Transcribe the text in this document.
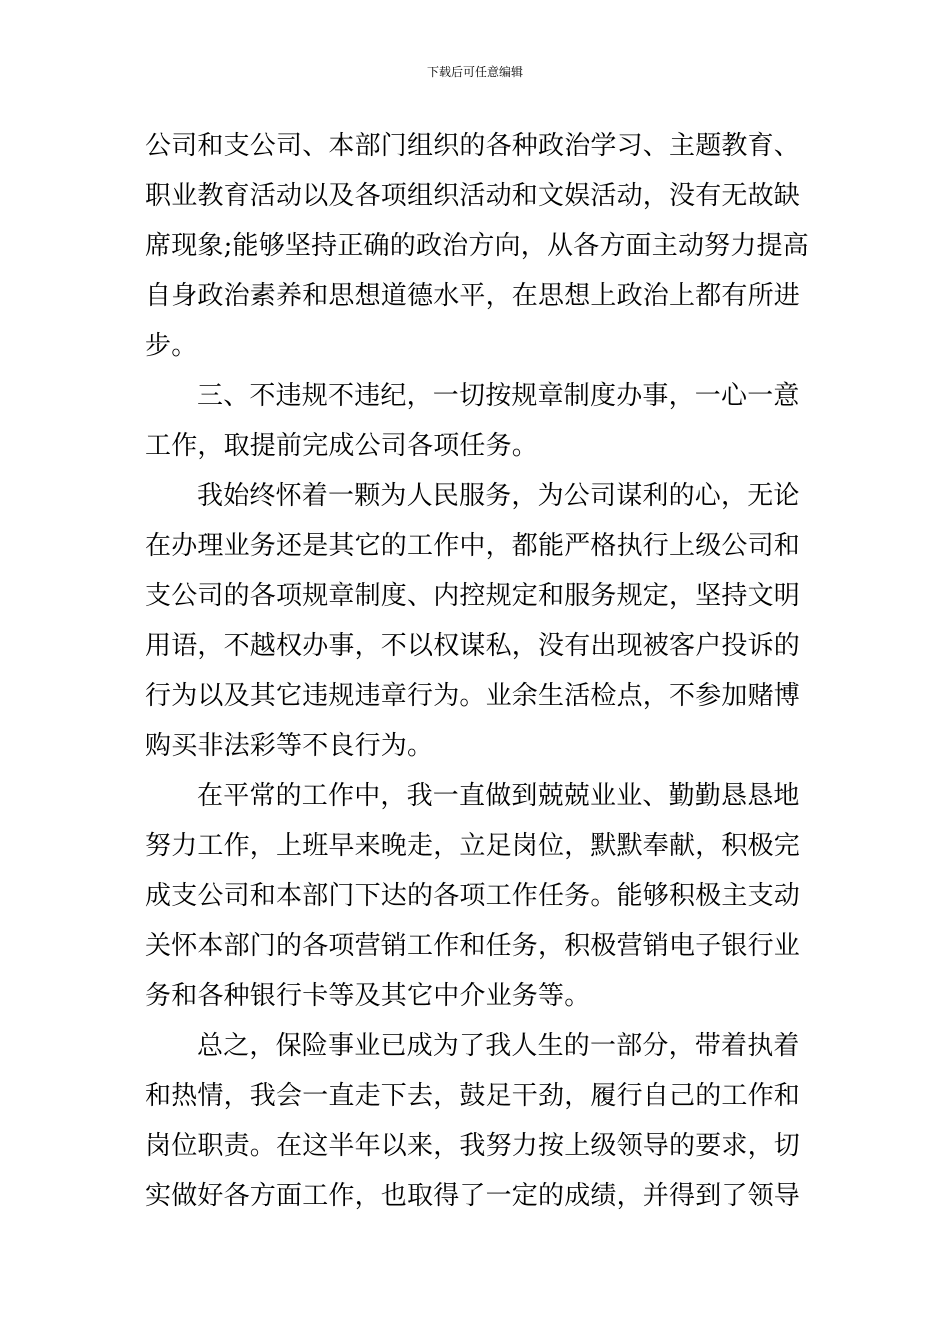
下载后可任意编辑
公司和支公司、本部门组织的各种政治学习、主题教育、
职业教育活动以及各项组织活动和文娱活动，没有无故缺
席现象;能够坚持正确的政治方向，从各方面主动努力提高
自身政治素养和思想道德水平，在思想上政治上都有所进
步。
三、不违规不违纪，一切按规章制度办事，一心一意
工作，取提前完成公司各项任务。
我始终怀着一颗为人民服务，为公司谋利的心，无论
在办理业务还是其它的工作中，都能严格执行上级公司和
支公司的各项规章制度、内控规定和服务规定，坚持文明
用语，不越权办事，不以权谋私，没有出现被客户投诉的
行为以及其它违规违章行为。业余生活检点，不参加赌博
购买非法彩等不良行为。
在平常的工作中，我一直做到兢兢业业、勤勤恳恳地
努力工作，上班早来晚走，立足岗位，默默奉献，积极完
成支公司和本部门下达的各项工作任务。能够积极主支动
关怀本部门的各项营销工作和任务，积极营销电子银行业
务和各种银行卡等及其它中介业务等。
总之，保险事业已成为了我人生的一部分，带着执着
和热情，我会一直走下去，鼓足干劲，履行自己的工作和
岗位职责。在这半年以来，我努力按上级领导的要求，切
实做好各方面工作，也取得了一定的成绩，并得到了领导
